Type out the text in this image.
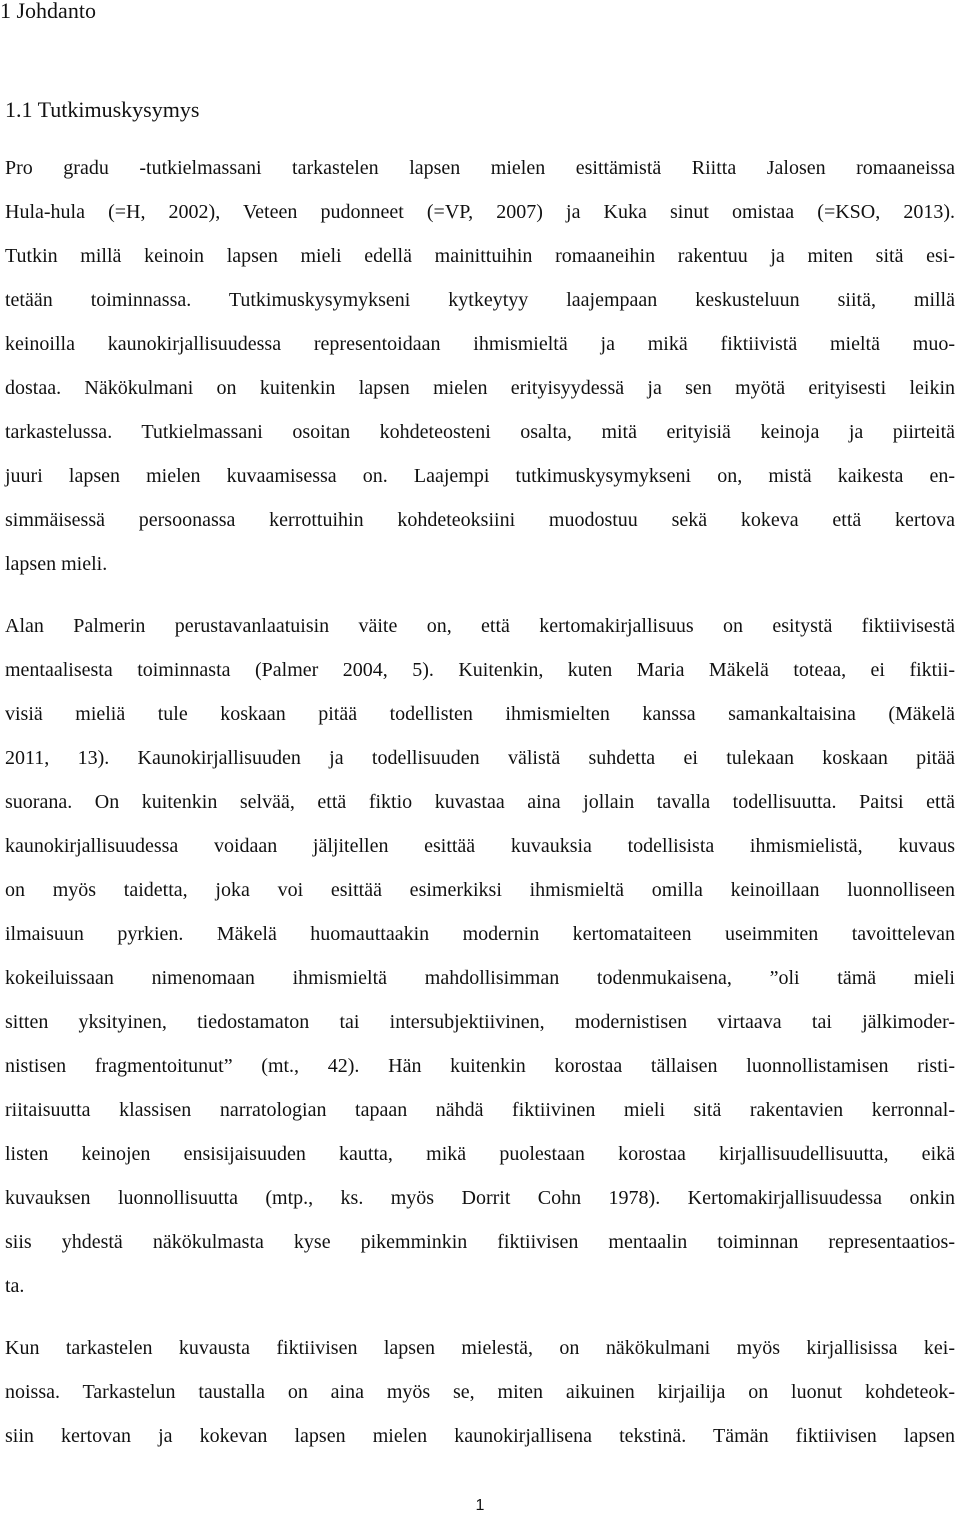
1 Johdanto
1.1 Tutkimuskysymys
Pro gradu -tutkielmassani tarkastelen lapsen mielen esittämistä Riitta Jalosen romaaneissa
Hula-hula (=H, 2002), Veteen pudonneet (=VP, 2007) ja Kuka sinut omistaa (=KSO, 2013).
Tutkin millä keinoin lapsen mieli edellä mainittuihin romaaneihin rakentuu ja miten sitä esi-
tetään toiminnassa. Tutkimuskysymykseni kytkeytyy laajempaan keskusteluun siitä, millä
keinoilla kaunokirjallisuudessa representoidaan ihmismieltä ja mikä fiktiivistä mieltä muo-
dostaa. Näkökulmani on kuitenkin lapsen mielen erityisyydessä ja sen myötä erityisesti leikin
tarkastelussa. Tutkielmassani osoitan kohdeteosteni osalta, mitä erityisiä keinoja ja piirteitä
juuri lapsen mielen kuvaamisessa on. Laajempi tutkimuskysymykseni on, mistä kaikesta en-
simmäisessä persoonassa kerrottuihin kohdeteoksiini muodostuu sekä kokeva että kertova
lapsen mieli.
Alan Palmerin perustavanlaatuisin väite on, että kertomakirjallisuus on esitystä fiktiivisestä
mentaalisesta toiminnasta (Palmer 2004, 5). Kuitenkin, kuten Maria Mäkelä toteaa, ei fiktii-
visiä mieliä tule koskaan pitää todellisten ihmismielten kanssa samankaltaisina (Mäkelä
2011, 13). Kaunokirjallisuuden ja todellisuuden välistä suhdetta ei tulekaan koskaan pitää
suorana. On kuitenkin selvää, että fiktio kuvastaa aina jollain tavalla todellisuutta. Paitsi että
kaunokirjallisuudessa voidaan jäljitellen esittää kuvauksia todellisista ihmismielistä, kuvaus
on myös taidetta, joka voi esittää esimerkiksi ihmismieltä omilla keinoillaan luonnolliseen
ilmaisuun pyrkien. Mäkelä huomauttaakin modernin kertomataiteen useimmiten tavoittelevan
kokeiluissaan nimenomaan ihmismieltä mahdollisimman todenmukaisena, ”oli tämä mieli
sitten yksityinen, tiedostamaton tai intersubjektiivinen, modernistisen virtaava tai jälkimoder-
nistisen fragmentoitunut” (mt., 42). Hän kuitenkin korostaa tällaisen luonnollistamisen risti-
riitaisuutta klassisen narratologian tapaan nähdä fiktiivinen mieli sitä rakentavien kerronnal-
listen keinojen ensisijaisuuden kautta, mikä puolestaan korostaa kirjallisuudellisuutta, eikä
kuvauksen luonnollisuutta (mtp., ks. myös Dorrit Cohn 1978). Kertomakirjallisuudessa onkin
siis yhdestä näkökulmasta kyse pikemminkin fiktiivisen mentaalin toiminnan representaatios-
ta.
Kun tarkastelen kuvausta fiktiivisen lapsen mielestä, on näkökulmani myös kirjallisissa kei-
noissa. Tarkastelun taustalla on aina myös se, miten aikuinen kirjailija on luonut kohdeteok-
siin kertovan ja kokevan lapsen mielen kaunokirjallisena tekstinä. Tämän fiktiivisen lapsen
1
